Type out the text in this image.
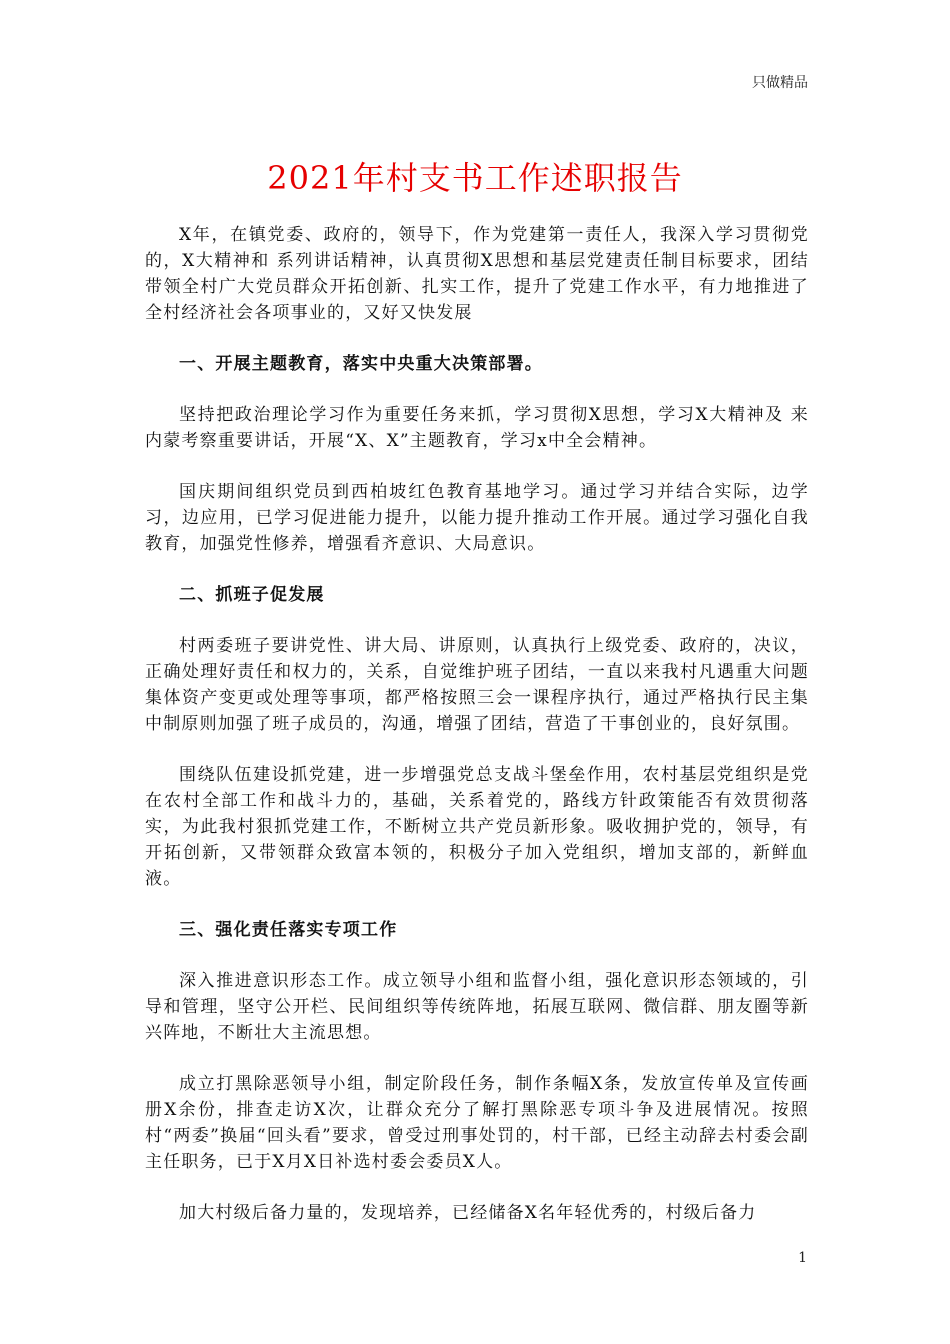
只做精品
2021年村支书工作述职报告

X年，在镇党委、政府的，领导下，作为党建第一责任人，我深入学习贯彻党的，X大精神和 系列讲话精神，认真贯彻X思想和基层党建责任制目标要求，团结带领全村广大党员群众开拓创新、扎实工作，提升了党建工作水平，有力地推进了全村经济社会各项事业的，又好又快发展

一、开展主题教育，落实中央重大决策部署。

坚持把政治理论学习作为重要任务来抓，学习贯彻X思想，学习X大精神及 来内蒙考察重要讲话，开展“X、X”主题教育，学习x中全会精神。

国庆期间组织党员到西柏坡红色教育基地学习。通过学习并结合实际，边学习，边应用，已学习促进能力提升，以能力提升推动工作开展。通过学习强化自我教育，加强党性修养，增强看齐意识、大局意识。

二、抓班子促发展

村两委班子要讲党性、讲大局、讲原则，认真执行上级党委、政府的，决议，正确处理好责任和权力的，关系，自觉维护班子团结，一直以来我村凡遇重大问题集体资产变更或处理等事项，都严格按照三会一课程序执行，通过严格执行民主集中制原则加强了班子成员的，沟通，增强了团结，营造了干事创业的，良好氛围。

围绕队伍建设抓党建，进一步增强党总支战斗堡垒作用，农村基层党组织是党在农村全部工作和战斗力的，基础，关系着党的，路线方针政策能否有效贯彻落实，为此我村狠抓党建工作，不断树立共产党员新形象。吸收拥护党的，领导，有开拓创新，又带领群众致富本领的，积极分子加入党组织，增加支部的，新鲜血液。

三、强化责任落实专项工作

深入推进意识形态工作。成立领导小组和监督小组，强化意识形态领域的，引导和管理，坚守公开栏、民间组织等传统阵地，拓展互联网、微信群、朋友圈等新兴阵地，不断壮大主流思想。

成立打黑除恶领导小组，制定阶段任务，制作条幅X条，发放宣传单及宣传画册X余份，排查走访X次，让群众充分了解打黑除恶专项斗争及进展情况。按照村“两委”换届“回头看”要求，曾受过刑事处罚的，村干部，已经主动辞去村委会副主任职务，已于X月X日补选村委会委员X人。

加大村级后备力量的，发现培养，已经储备X名年轻优秀的，村级后备力

1
